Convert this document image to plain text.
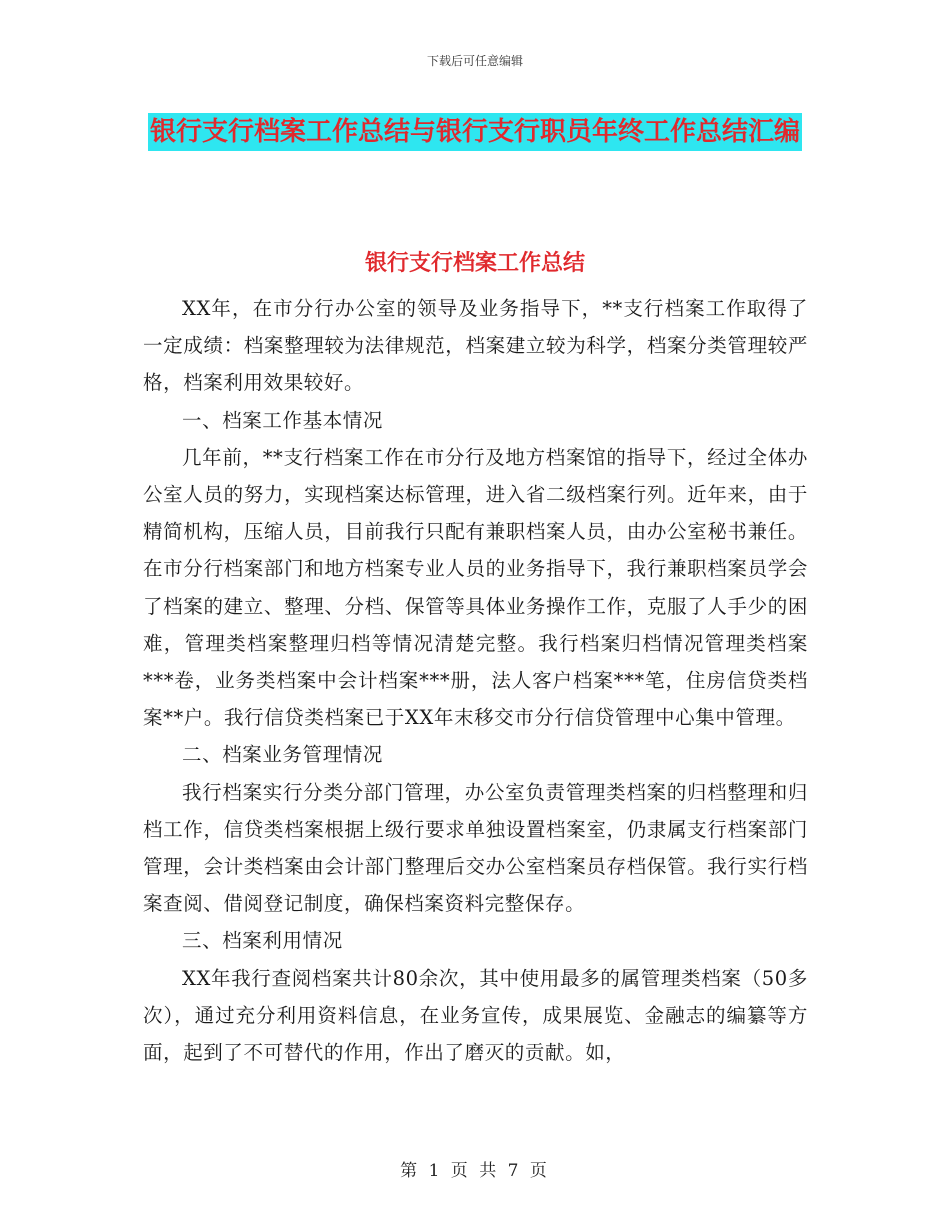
下载后可任意编辑
银行支行档案工作总结与银行支行职员年终工作总结汇编
银行支行档案工作总结

XX年，在市分行办公室的领导及业务指导下，**支行档案工作取得了一定成绩：档案整理较为法律规范，档案建立较为科学，档案分类管理较严格，档案利用效果较好。

一、档案工作基本情况

几年前，**支行档案工作在市分行及地方档案馆的指导下，经过全体办公室人员的努力，实现档案达标管理，进入省二级档案行列。近年来，由于精简机构，压缩人员，目前我行只配有兼职档案人员，由办公室秘书兼任。在市分行档案部门和地方档案专业人员的业务指导下，我行兼职档案员学会了档案的建立、整理、分档、保管等具体业务操作工作，克服了人手少的困难，管理类档案整理归档等情况清楚完整。我行档案归档情况管理类档案***卷，业务类档案中会计档案***册，法人客户档案***笔，住房信贷类档案**户。我行信贷类档案已于XX年末移交市分行信贷管理中心集中管理。

二、档案业务管理情况

我行档案实行分类分部门管理，办公室负责管理类档案的归档整理和归档工作，信贷类档案根据上级行要求单独设置档案室，仍隶属支行档案部门管理，会计类档案由会计部门整理后交办公室档案员存档保管。我行实行档案查阅、借阅登记制度，确保档案资料完整保存。

三、档案利用情况

XX年我行查阅档案共计80余次，其中使用最多的属管理类档案（50多次），通过充分利用资料信息，在业务宣传，成果展览、金融志的编纂等方面，起到了不可替代的作用，作出了磨灭的贡献。如，

第 1 页 共 7 页
